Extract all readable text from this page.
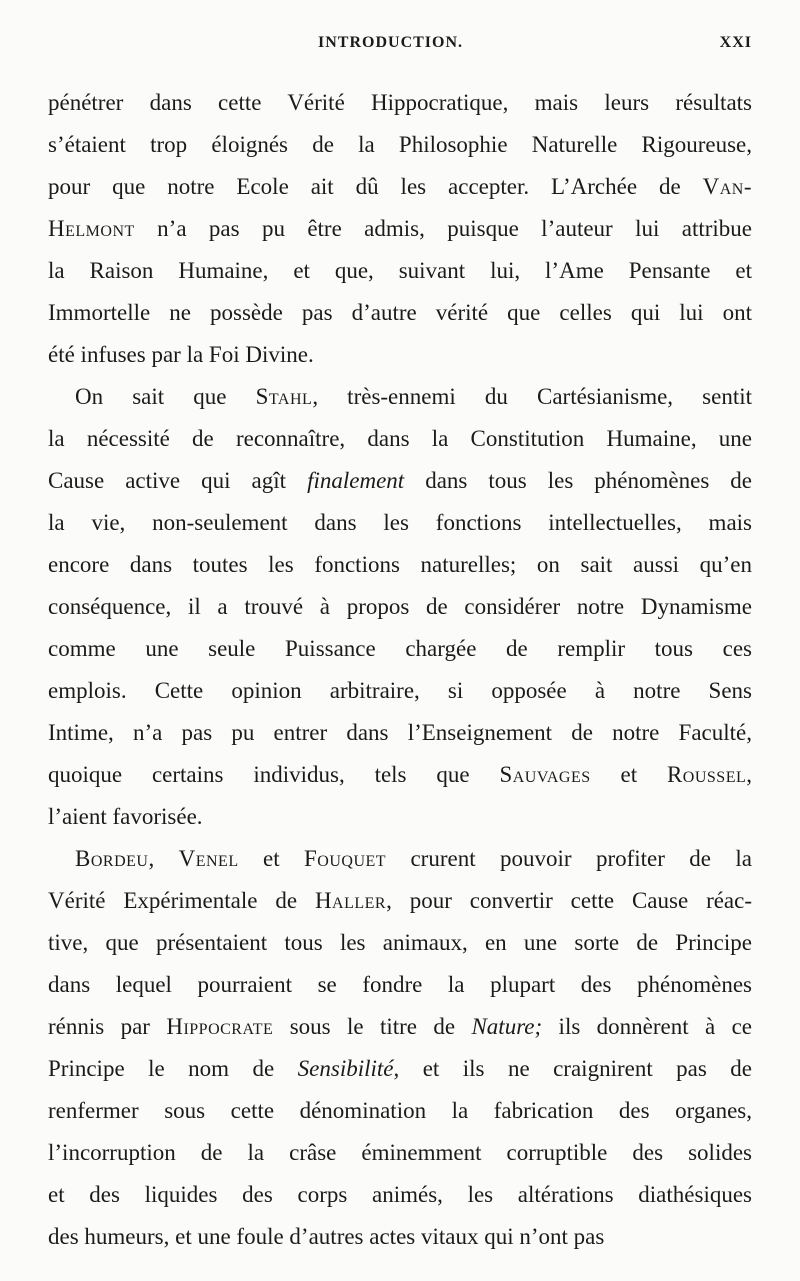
INTRODUCTION.	XXI
pénétrer dans cette Vérité Hippocratique, mais leurs résultats
s’étaient trop éloignés de la Philosophie Naturelle Rigoureuse,
pour que notre Ecole ait dû les accepter. L’Archée de Van-
Helmont n’a pas pu être admis, puisque l’auteur lui attribue
la Raison Humaine, et que, suivant lui, l’Ame Pensante et
Immortelle ne possède pas d’autre vérité que celles qui lui ont
été infuses par la Foi Divine.
On sait que Stahl, très-ennemi du Cartésianisme, sentit
la nécessité de reconnaître, dans la Constitution Humaine, une
Cause active qui agît finalement dans tous les phénomènes de
la vie, non-seulement dans les fonctions intellectuelles, mais
encore dans toutes les fonctions naturelles; on sait aussi qu’en
conséquence, il a trouvé à propos de considérer notre Dynamisme
comme une seule Puissance chargée de remplir tous ces
emplois. Cette opinion arbitraire, si opposée à notre Sens
Intime, n’a pas pu entrer dans l’Enseignement de notre Faculté,
quoique certains individus, tels que Sauvages et Roussel,
l’aient favorisée.
Bordeu, Venel et Fouquet crurent pouvoir profiter de la
Vérité Expérimentale de Haller, pour convertir cette Cause réac-
tive, que présentaient tous les animaux, en une sorte de Principe
dans lequel pourraient se fondre la plupart des phénomènes
rénnis par Hippocrate sous le titre de Nature; ils donnèrent à ce
Principe le nom de Sensibilité, et ils ne craignirent pas de
renfermer sous cette dénomination la fabrication des organes,
l’incorruption de la crâse éminemment corruptible des solides
et des liquides des corps animés, les altérations diathésiques
des humeurs, et une foule d’autres actes vitaux qui n’ont pas
